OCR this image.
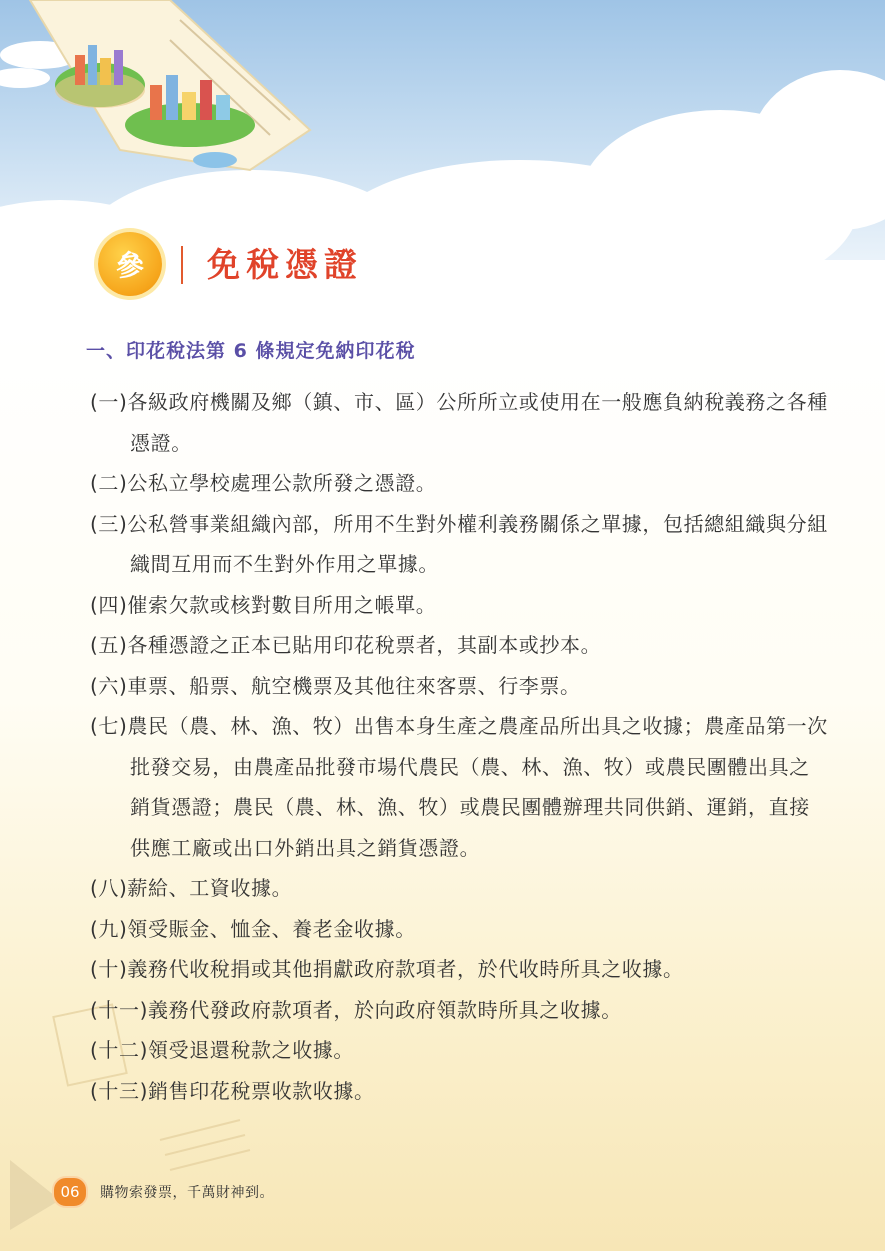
參	免稅憑證
一、印花稅法第 6 條規定免納印花稅
(一)各級政府機關及鄉（鎮、市、區）公所所立或使用在一般應負納稅義務之各種憑證。
(二)公私立學校處理公款所發之憑證。
(三)公私營事業組織內部，所用不生對外權利義務關係之單據，包括總組織與分組織間互用而不生對外作用之單據。
(四)催索欠款或核對數目所用之帳單。
(五)各種憑證之正本已貼用印花稅票者，其副本或抄本。
(六)車票、船票、航空機票及其他往來客票、行李票。
(七)農民（農、林、漁、牧）出售本身生產之農產品所出具之收據；農產品第一次批發交易，由農產品批發市場代農民（農、林、漁、牧）或農民團體出具之銷貨憑證；農民（農、林、漁、牧）或農民團體辦理共同供銷、運銷，直接供應工廠或出口外銷出具之銷貨憑證。
(八)薪給、工資收據。
(九)領受賑金、恤金、養老金收據。
(十)義務代收稅捐或其他捐獻政府款項者，於代收時所具之收據。
(十一)義務代發政府款項者，於向政府領款時所具之收據。
(十二)領受退還稅款之收據。
(十三)銷售印花稅票收款收據。
06	購物索發票，千萬財神到。
